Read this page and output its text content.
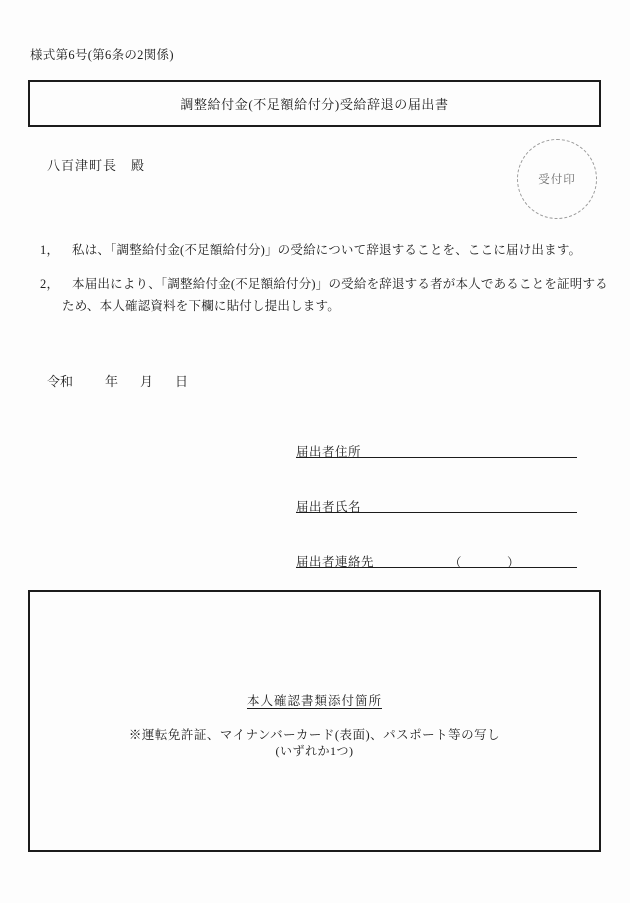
様式第6号(第6条の2関係)
調整給付金(不足額給付分)受給辞退の届出書
八百津町長　殿
受付印
1， 私は、「調整給付金(不足額給付分)」の受給について辞退することを、ここに届け出ます。
2， 本届出により、「調整給付金(不足額給付分)」の受給を辞退する者が本人であることを証明する
ため、本人確認資料を下欄に貼付し提出します。
令和 年 月 日
届出者住所
届出者氏名
届出者連絡先	（　　　）
本人確認書類添付箇所
※運転免許証、マイナンバーカード(表面)、パスポート等の写し
(いずれか1つ)
